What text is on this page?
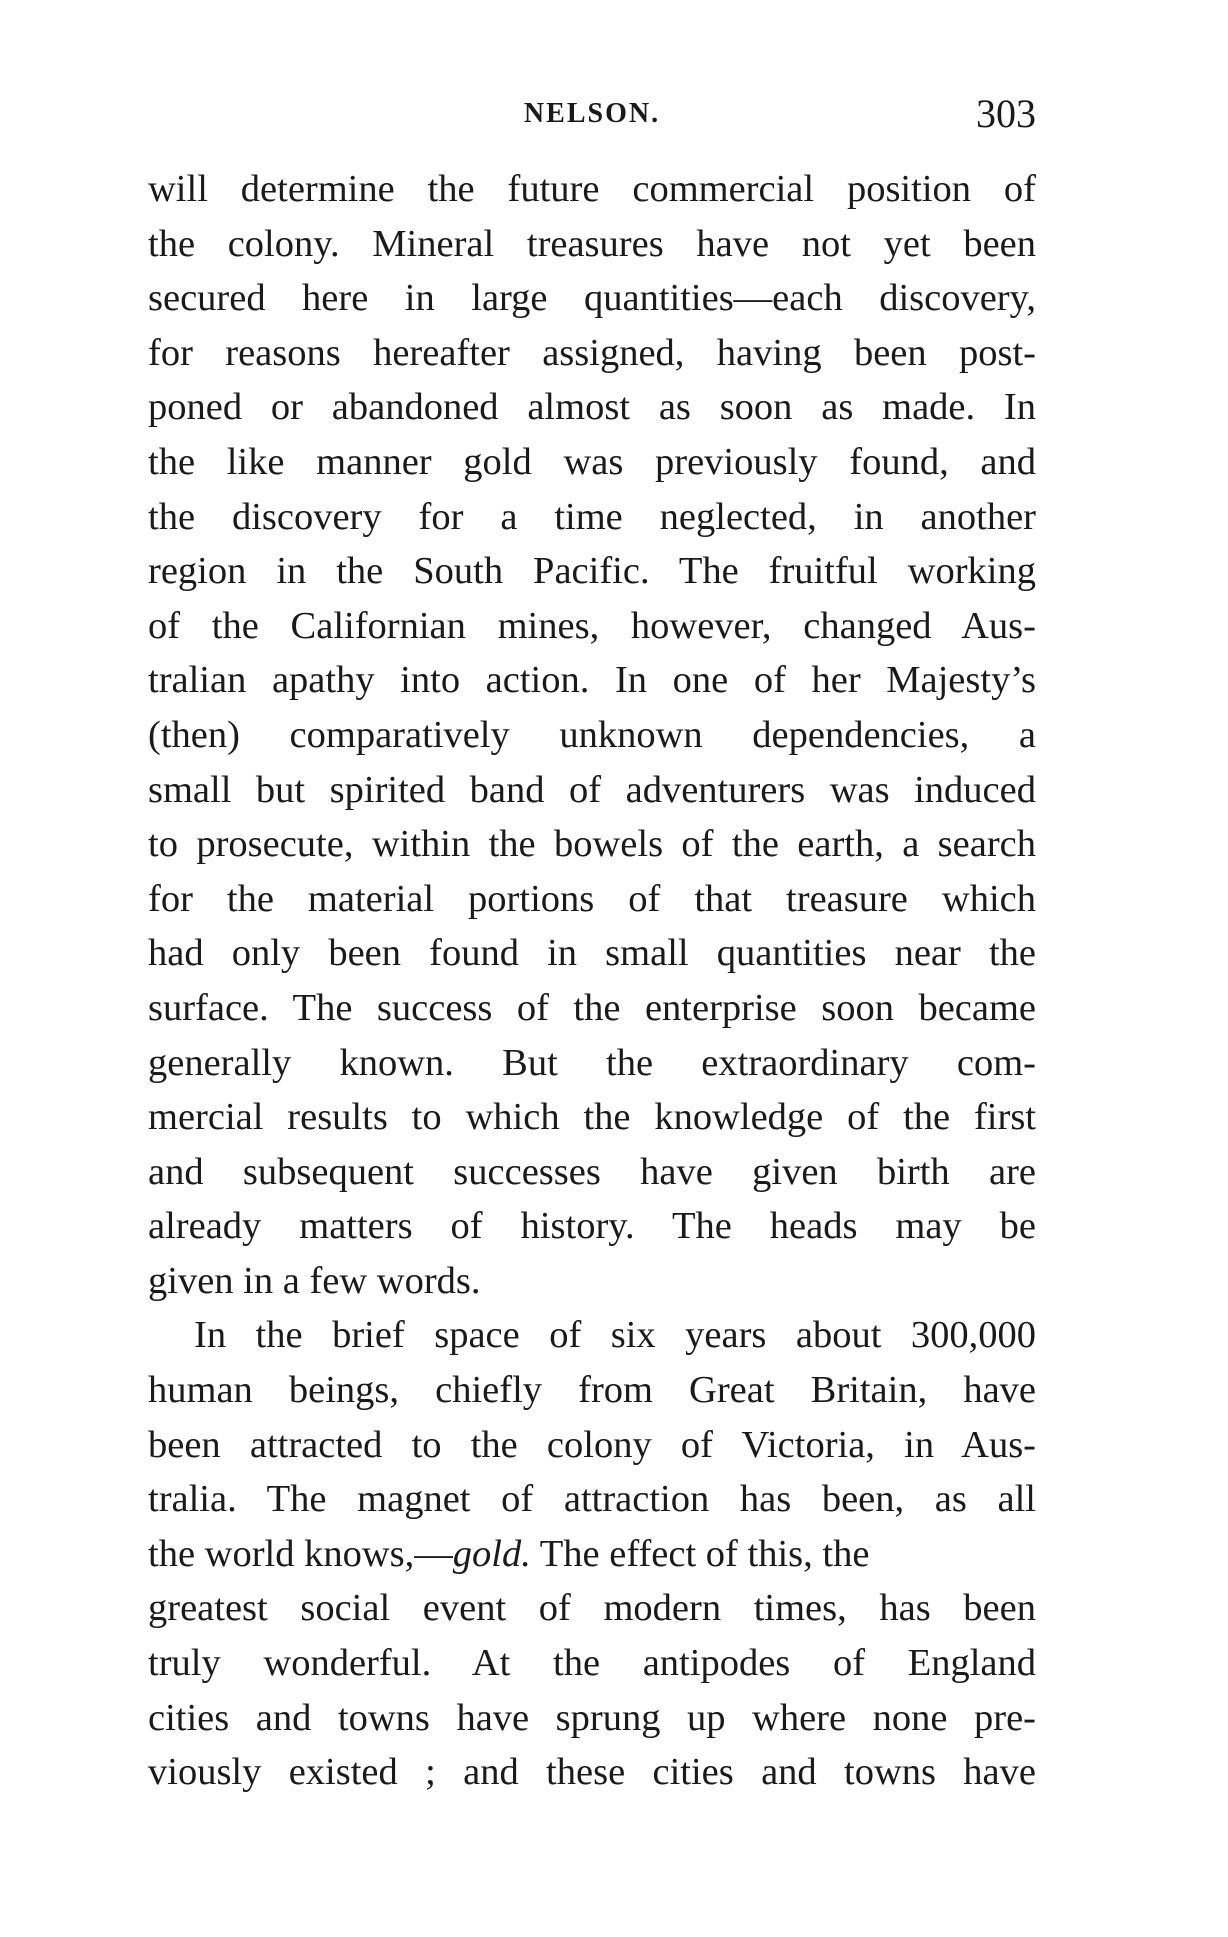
NELSON.	303
will determine the future commercial position of
the colony. Mineral treasures have not yet been
secured here in large quantities—each discovery,
for reasons hereafter assigned, having been post-
poned or abandoned almost as soon as made. In
the like manner gold was previously found, and
the discovery for a time neglected, in another
region in the South Pacific. The fruitful working
of the Californian mines, however, changed Aus-
tralian apathy into action. In one of her Majesty’s
(then) comparatively unknown dependencies, a
small but spirited band of adventurers was induced
to prosecute, within the bowels of the earth, a search
for the material portions of that treasure which
had only been found in small quantities near the
surface. The success of the enterprise soon became
generally known. But the extraordinary com-
mercial results to which the knowledge of the first
and subsequent successes have given birth are
already matters of history. The heads may be
given in a few words.
In the brief space of six years about 300,000
human beings, chiefly from Great Britain, have
been attracted to the colony of Victoria, in Aus-
tralia. The magnet of attraction has been, as all
the world knows,—gold. The effect of this, the
greatest social event of modern times, has been
truly wonderful. At the antipodes of England
cities and towns have sprung up where none pre-
viously existed ; and these cities and towns have
